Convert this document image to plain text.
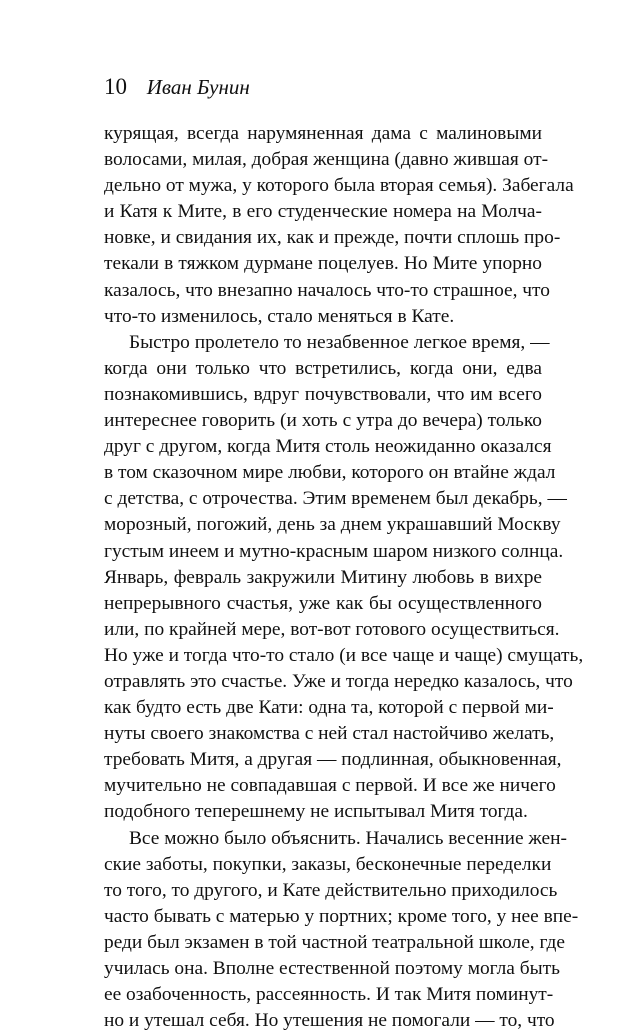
10 Иван Бунин
курящая, всегда нарумяненная дама с малиновыми
волосами, милая, добрая женщина (давно жившая от-
дельно от мужа, у которого была вторая семья). Забегала
и Катя к Мите, в его студенческие номера на Молча-
новке, и свидания их, как и прежде, почти сплошь про-
текали в тяжком дурмане поцелуев. Но Мите упорно
казалось, что внезапно началось что-то страшное, что
что-то изменилось, стало меняться в Кате.
Быстро пролетело то незабвенное легкое время, —
когда они только что встретились, когда они, едва
познакомившись, вдруг почувствовали, что им всего
интереснее говорить (и хоть с утра до вечера) только
друг с другом, когда Митя столь неожиданно оказался
в том сказочном мире любви, которого он втайне ждал
с детства, с отрочества. Этим временем был декабрь, —
морозный, погожий, день за днем украшавший Москву
густым инеем и мутно-красным шаром низкого солнца.
Январь, февраль закружили Митину любовь в вихре
непрерывного счастья, уже как бы осуществленного
или, по крайней мере, вот-вот готового осуществиться.
Но уже и тогда что-то стало (и все чаще и чаще) смущать,
отравлять это счастье. Уже и тогда нередко казалось, что
как будто есть две Кати: одна та, которой с первой ми-
нуты своего знакомства с ней стал настойчиво желать,
требовать Митя, а другая — подлинная, обыкновенная,
мучительно не совпадавшая с первой. И все же ничего
подобного теперешнему не испытывал Митя тогда.
Все можно было объяснить. Начались весенние жен-
ские заботы, покупки, заказы, бесконечные переделки
то того, то другого, и Кате действительно приходилось
часто бывать с матерью у портних; кроме того, у нее впе-
реди был экзамен в той частной театральной школе, где
училась она. Вполне естественной поэтому могла быть
ее озабоченность, рассеянность. И так Митя поминут-
но и утешал себя. Но утешения не помогали — то, что
